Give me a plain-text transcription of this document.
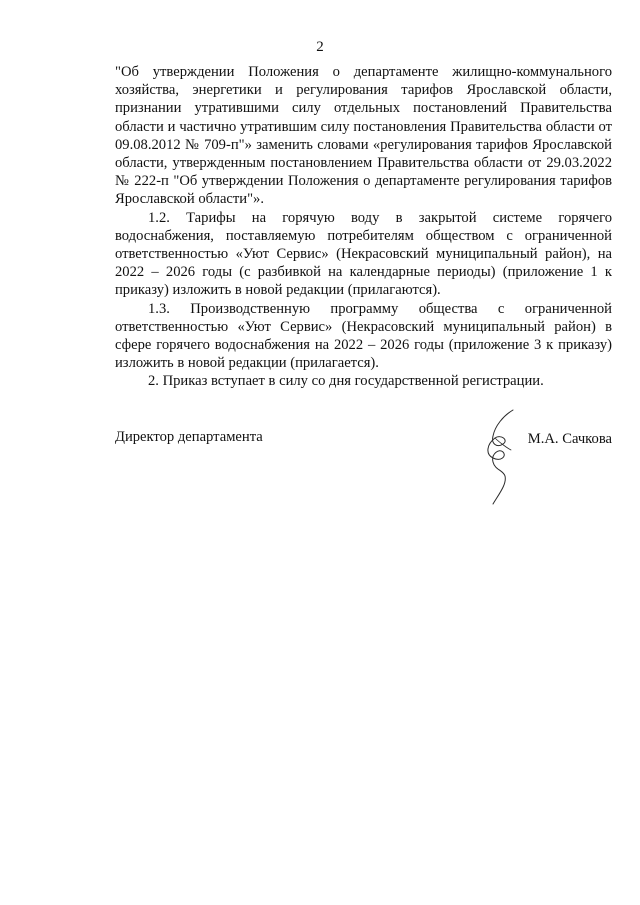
2

"Об утверждении Положения о департаменте жилищно-коммунального хозяйства, энергетики и регулирования тарифов Ярославской области, признании утратившими силу отдельных постановлений Правительства области и частично утратившим силу постановления Правительства области от 09.08.2012 № 709-п"» заменить словами «регулирования тарифов Ярославской области, утвержденным постановлением Правительства области от 29.03.2022 № 222-п "Об утверждении Положения о департаменте регулирования тарифов Ярославской области"».

1.2. Тарифы на горячую воду в закрытой системе горячего водоснабжения, поставляемую потребителям обществом с ограниченной ответственностью «Уют Сервис» (Некрасовский муниципальный район), на 2022 – 2026 годы (с разбивкой на календарные периоды) (приложение 1 к приказу) изложить в новой редакции (прилагаются).

1.3. Производственную программу общества с ограниченной ответственностью «Уют Сервис» (Некрасовский муниципальный район) в сфере горячего водоснабжения на 2022 – 2026 годы (приложение 3 к приказу) изложить в новой редакции (прилагается).

2. Приказ вступает в силу со дня государственной регистрации.

Директор департамента	М.А. Сачкова
